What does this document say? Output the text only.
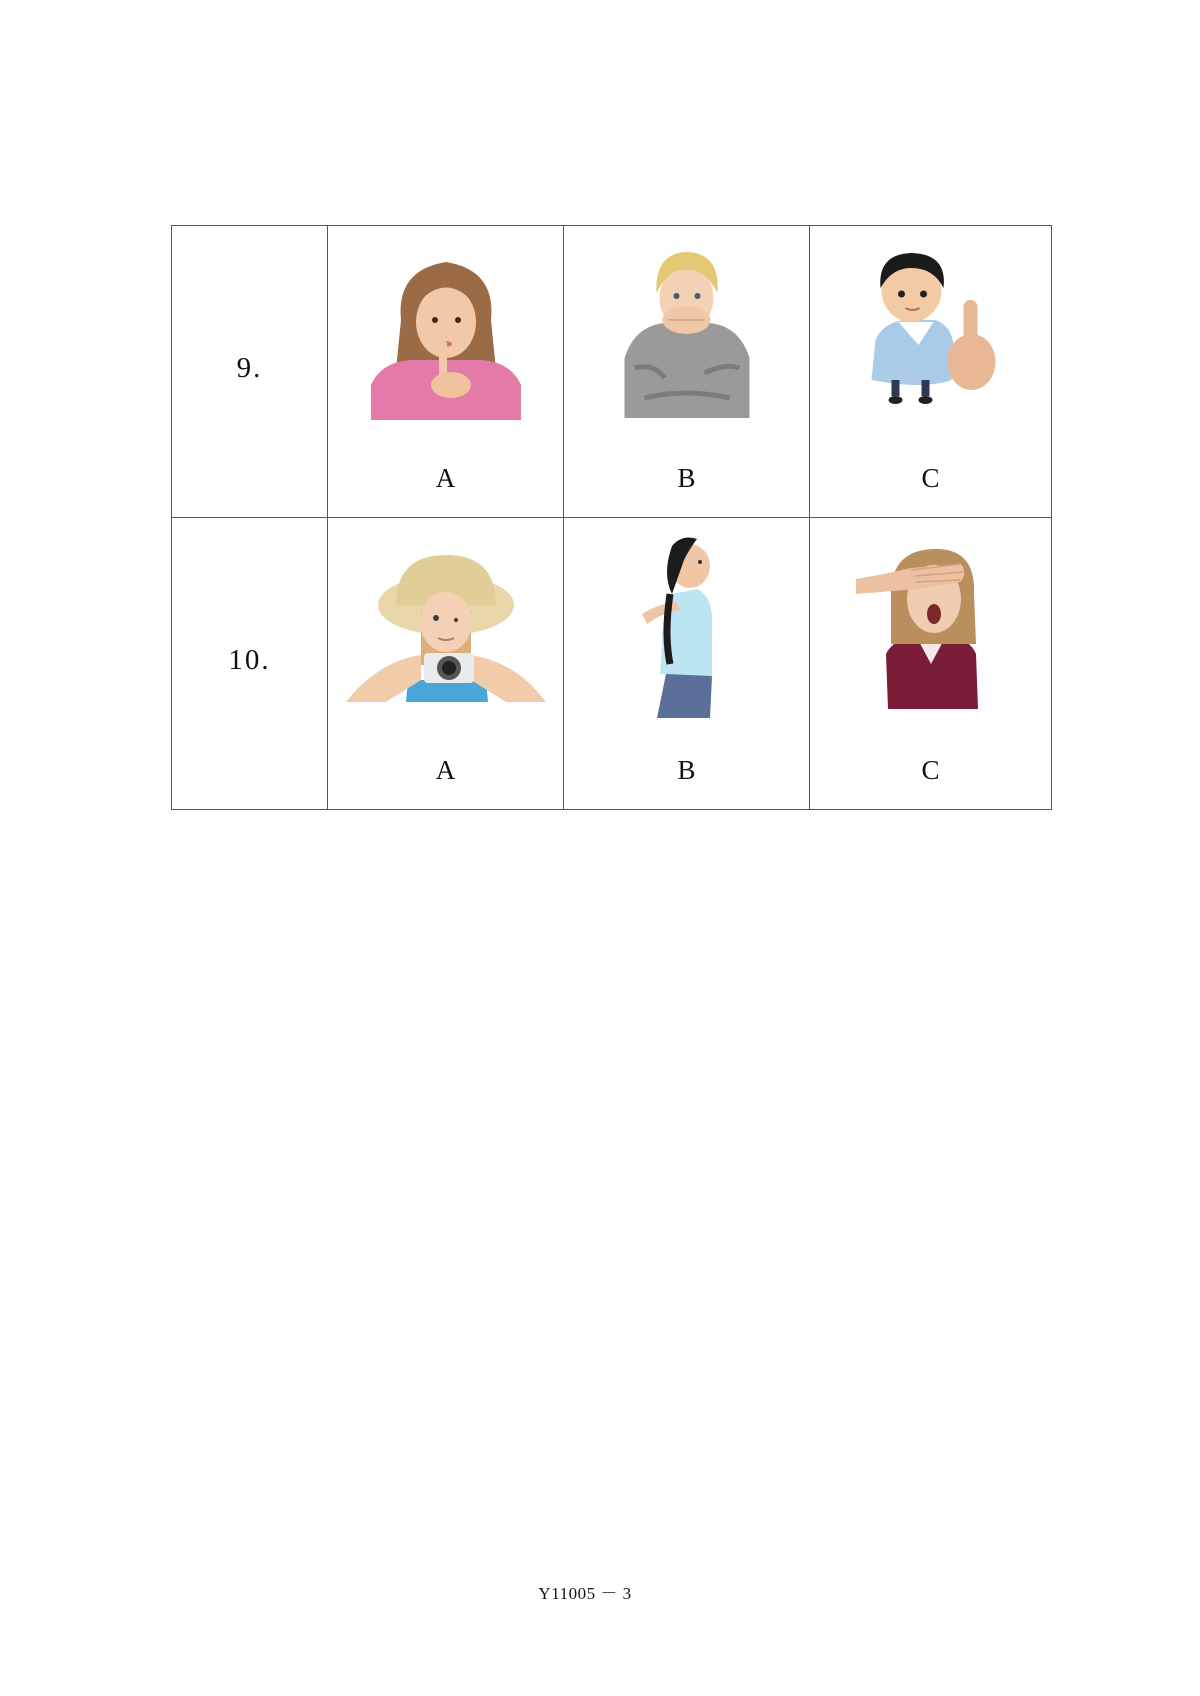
9.	A	B	C

10.	A	B	C
Y11005 － 3
